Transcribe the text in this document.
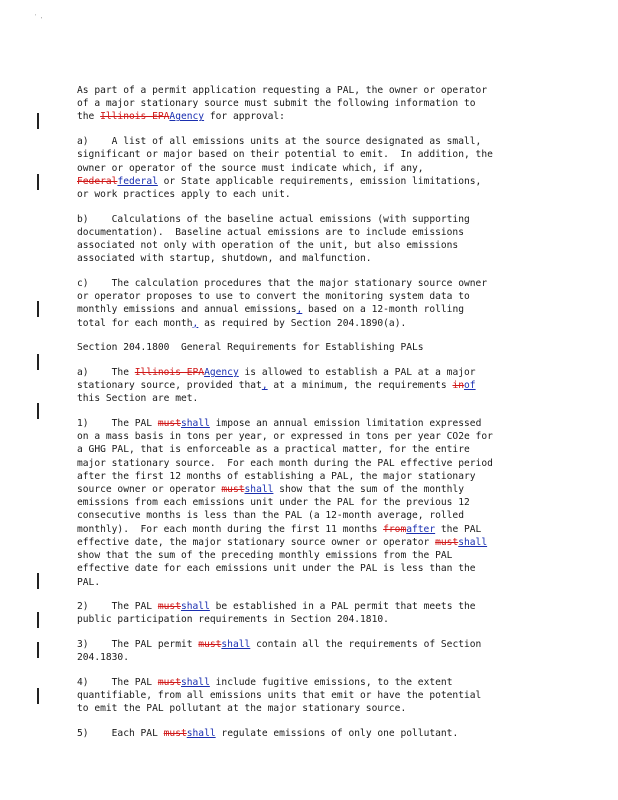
' ,
As part of a permit application requesting a PAL, the owner or operator
of a major stationary source must submit the following information to
the Illinois EPAAgency for approval:
a)    A list of all emissions units at the source designated as small,
significant or major based on their potential to emit.  In addition, the
owner or operator of the source must indicate which, if any,
Federalfederal or State applicable requirements, emission limitations,
or work practices apply to each unit.
b)    Calculations of the baseline actual emissions (with supporting
documentation).  Baseline actual emissions are to include emissions
associated not only with operation of the unit, but also emissions
associated with startup, shutdown, and malfunction.
c)    The calculation procedures that the major stationary source owner
or operator proposes to use to convert the monitoring system data to
monthly emissions and annual emissions, based on a 12-month rolling
total for each month, as required by Section 204.1890(a).
Section 204.1800  General Requirements for Establishing PALs
a)    The Illinois EPAAgency is allowed to establish a PAL at a major
stationary source, provided that, at a minimum, the requirements inof
this Section are met.
1)    The PAL mustshall impose an annual emission limitation expressed
on a mass basis in tons per year, or expressed in tons per year CO2e for
a GHG PAL, that is enforceable as a practical matter, for the entire
major stationary source.  For each month during the PAL effective period
after the first 12 months of establishing a PAL, the major stationary
source owner or operator mustshall show that the sum of the monthly
emissions from each emissions unit under the PAL for the previous 12
consecutive months is less than the PAL (a 12-month average, rolled
monthly).  For each month during the first 11 months fromafter the PAL
effective date, the major stationary source owner or operator mustshall
show that the sum of the preceding monthly emissions from the PAL
effective date for each emissions unit under the PAL is less than the
PAL.
2)    The PAL mustshall be established in a PAL permit that meets the
public participation requirements in Section 204.1810.
3)    The PAL permit mustshall contain all the requirements of Section
204.1830.
4)    The PAL mustshall include fugitive emissions, to the extent
quantifiable, from all emissions units that emit or have the potential
to emit the PAL pollutant at the major stationary source.
5)    Each PAL mustshall regulate emissions of only one pollutant.
